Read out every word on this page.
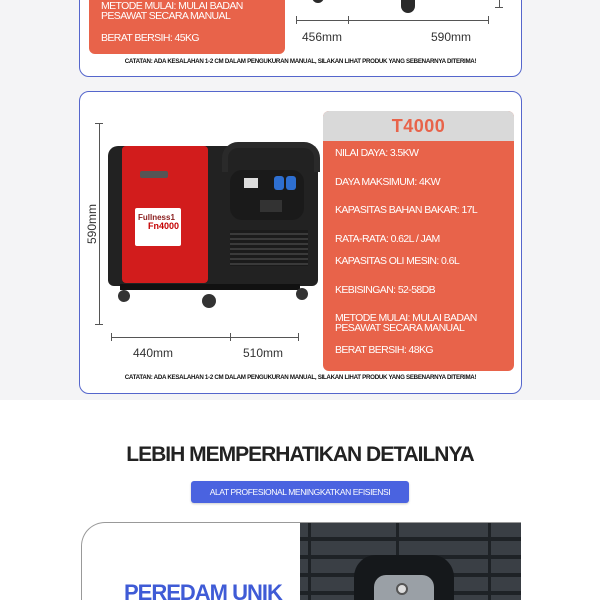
METODE MULAI: MULAI BADAN
PESAWAT SECARA MANUAL
BERAT BERSIH: 45KG	456mm	590mm
CATATAN: ADA KESALAHAN 1-2 CM DALAM PENGUKURAN MANUAL, SILAKAN LIHAT PRODUK YANG SEBENARNYA DITERIMA!
590mm	Fullness1
Fn4000
440mm	510mm
T4000
NILAI DAYA: 3.5KW
DAYA MAKSIMUM: 4KW
KAPASITAS BAHAN BAKAR: 17L
RATA-RATA: 0.62L / JAM
KAPASITAS OLI MESIN: 0.6L
KEBISINGAN: 52-58DB
METODE MULAI: MULAI BADAN
PESAWAT SECARA MANUAL
BERAT BERSIH: 48KG
CATATAN: ADA KESALAHAN 1-2 CM DALAM PENGUKURAN MANUAL, SILAKAN LIHAT PRODUK YANG SEBENARNYA DITERIMA!
LEBIH MEMPERHATIKAN DETAILNYA
ALAT PROFESIONAL MENINGKATKAN EFISIENSI
PEREDAM UNIK
